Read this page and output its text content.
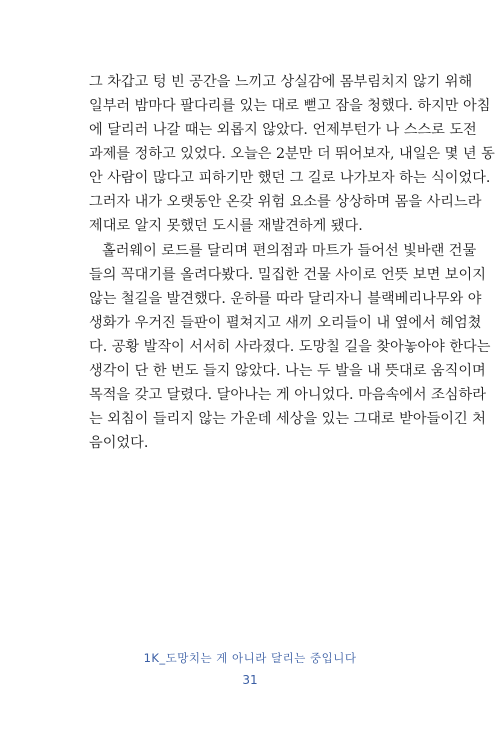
그 차갑고 텅 빈 공간을 느끼고 상실감에 몸부림치지 않기 위해
일부러 밤마다 팔다리를 있는 대로 뻗고 잠을 청했다. 하지만 아침
에 달리러 나갈 때는 외롭지 않았다. 언제부턴가 나 스스로 도전
과제를 정하고 있었다. 오늘은 2분만 더 뛰어보자, 내일은 몇 년 동
안 사람이 많다고 피하기만 했던 그 길로 나가보자 하는 식이었다.
그러자 내가 오랫동안 온갖 위험 요소를 상상하며 몸을 사리느라
제대로 알지 못했던 도시를 재발견하게 됐다.
홀러웨이 로드를 달리며 편의점과 마트가 들어선 빛바랜 건물
들의 꼭대기를 올려다봤다. 밀집한 건물 사이로 언뜻 보면 보이지
않는 철길을 발견했다. 운하를 따라 달리자니 블랙베리나무와 야
생화가 우거진 들판이 펼쳐지고 새끼 오리들이 내 옆에서 헤엄쳤
다. 공황 발작이 서서히 사라졌다. 도망칠 길을 찾아놓아야 한다는
생각이 단 한 번도 들지 않았다. 나는 두 발을 내 뜻대로 움직이며
목적을 갖고 달렸다. 달아나는 게 아니었다. 마음속에서 조심하라
는 외침이 들리지 않는 가운데 세상을 있는 그대로 받아들이긴 처
음이었다.
1K_도망치는 게 아니라 달리는 중입니다
31
